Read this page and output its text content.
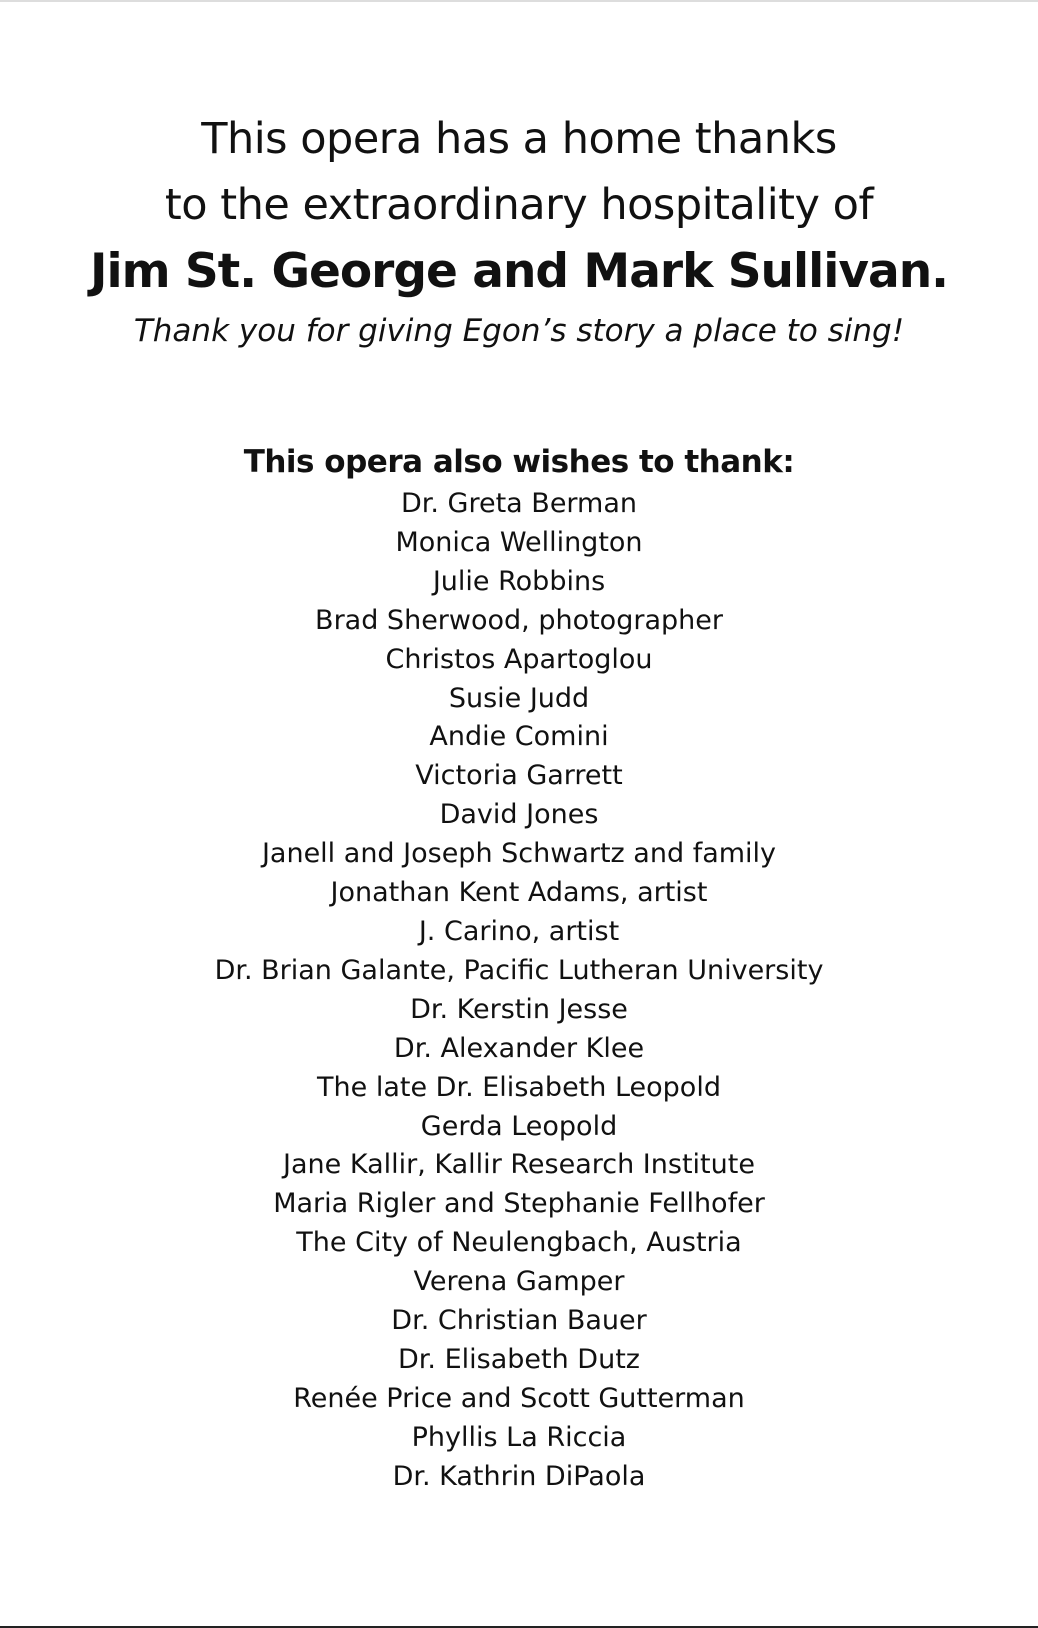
This opera has a home thanks
to the extraordinary hospitality of
Jim St. George and Mark Sullivan.
Thank you for giving Egon’s story a place to sing!
This opera also wishes to thank:
Dr. Greta Berman
Monica Wellington
Julie Robbins
Brad Sherwood, photographer
Christos Apartoglou
Susie Judd
Andie Comini
Victoria Garrett
David Jones
Janell and Joseph Schwartz and family
Jonathan Kent Adams, artist
J. Carino, artist
Dr. Brian Galante, Pacific Lutheran University
Dr. Kerstin Jesse
Dr. Alexander Klee
The late Dr. Elisabeth Leopold
Gerda Leopold
Jane Kallir, Kallir Research Institute
Maria Rigler and Stephanie Fellhofer
The City of Neulengbach, Austria
Verena Gamper
Dr. Christian Bauer
Dr. Elisabeth Dutz
Renée Price and Scott Gutterman
Phyllis La Riccia
Dr. Kathrin DiPaola
